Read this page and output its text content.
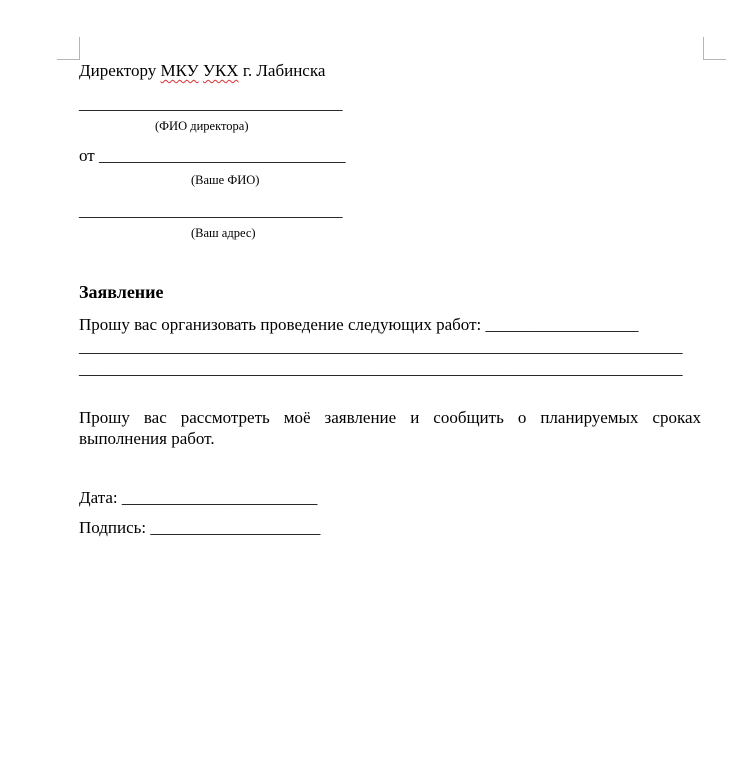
Директору МКУ УКХ г. Лабинска
_______________________________
(ФИО директора)
от _____________________________
(Ваше ФИО)
_______________________________
(Ваш адрес)
Заявление
Прошу вас организовать проведение следующих работ: __________________
_______________________________________________________________________
_______________________________________________________________________
Прошу вас рассмотреть моё заявление и сообщить о планируемых сроках выполнения работ.
Дата: _______________________
Подпись: ____________________
